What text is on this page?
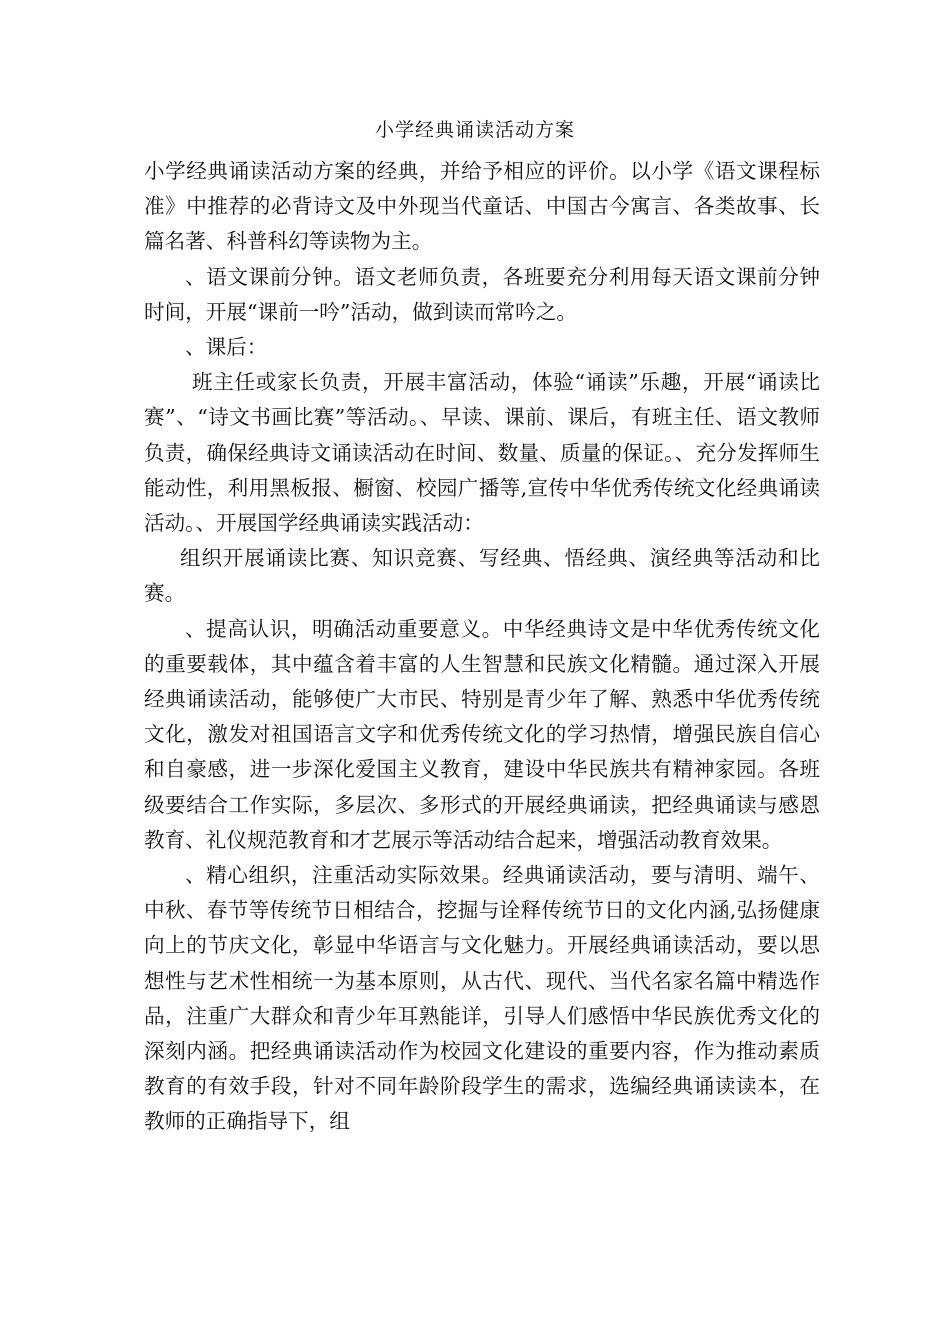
小学经典诵读活动方案

小学经典诵读活动方案的经典，并给予相应的评价。以小学《语文课程标准》中推荐的必背诗文及中外现当代童话、中国古今寓言、各类故事、长篇名著、科普科幻等读物为主。

、语文课前分钟。语文老师负责，各班要充分利用每天语文课前分钟时间，开展“课前一吟”活动，做到读而常吟之。

、课后：

班主任或家长负责，开展丰富活动，体验“诵读”乐趣，开展“诵读比赛”、“诗文书画比赛”等活动。、早读、课前、课后，有班主任、语文教师负责，确保经典诗文诵读活动在时间、数量、质量的保证。、充分发挥师生能动性，利用黑板报、橱窗、校园广播等,宣传中华优秀传统文化经典诵读活动。、开展国学经典诵读实践活动：

组织开展诵读比赛、知识竞赛、写经典、悟经典、演经典等活动和比赛。

、提高认识，明确活动重要意义。中华经典诗文是中华优秀传统文化的重要载体，其中蕴含着丰富的人生智慧和民族文化精髓。通过深入开展经典诵读活动，能够使广大市民、特别是青少年了解、熟悉中华优秀传统文化，激发对祖国语言文字和优秀传统文化的学习热情，增强民族自信心和自豪感，进一步深化爱国主义教育，建设中华民族共有精神家园。各班级要结合工作实际，多层次、多形式的开展经典诵读，把经典诵读与感恩教育、礼仪规范教育和才艺展示等活动结合起来，增强活动教育效果。

、精心组织，注重活动实际效果。经典诵读活动，要与清明、端午、中秋、春节等传统节日相结合，挖掘与诠释传统节日的文化内涵,弘扬健康向上的节庆文化，彰显中华语言与文化魅力。开展经典诵读活动，要以思想性与艺术性相统一为基本原则，从古代、现代、当代名家名篇中精选作品，注重广大群众和青少年耳熟能详，引导人们感悟中华民族优秀文化的深刻内涵。把经典诵读活动作为校园文化建设的重要内容，作为推动素质教育的有效手段，针对不同年龄阶段学生的需求，选编经典诵读读本，在教师的正确指导下，组
